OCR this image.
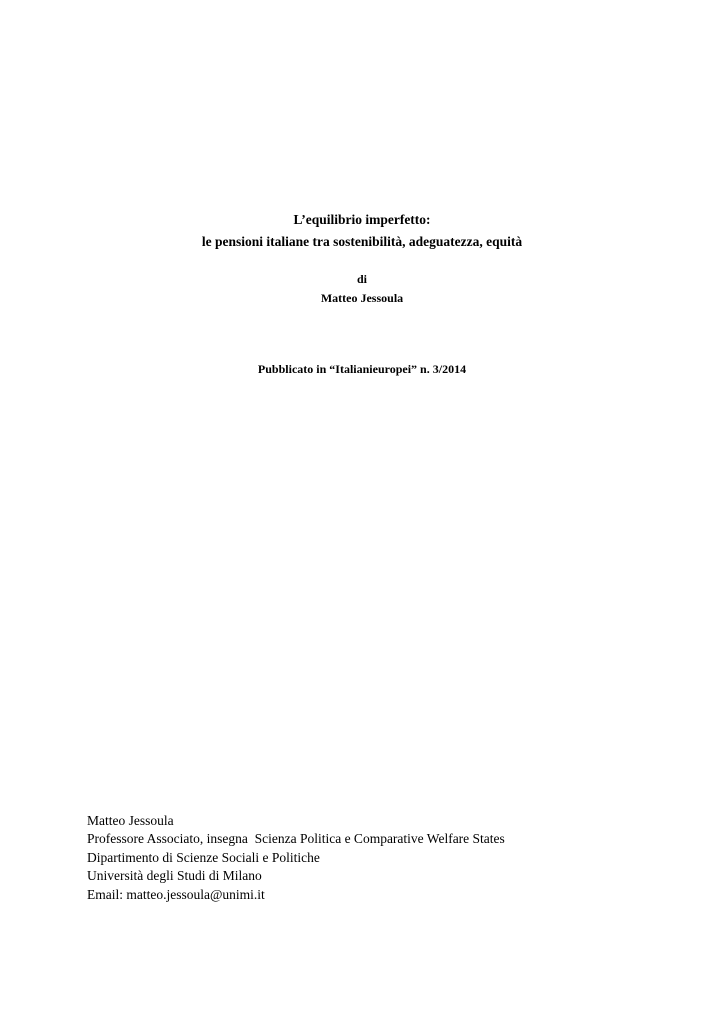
L’equilibrio imperfetto:
le pensioni italiane tra sostenibilità, adeguatezza, equità
di
Matteo Jessoula
Pubblicato in “Italianieuropei” n. 3/2014
Matteo Jessoula
Professore Associato, insegna  Scienza Politica e Comparative Welfare States
Dipartimento di Scienze Sociali e Politiche
Università degli Studi di Milano
Email: matteo.jessoula@unimi.it
